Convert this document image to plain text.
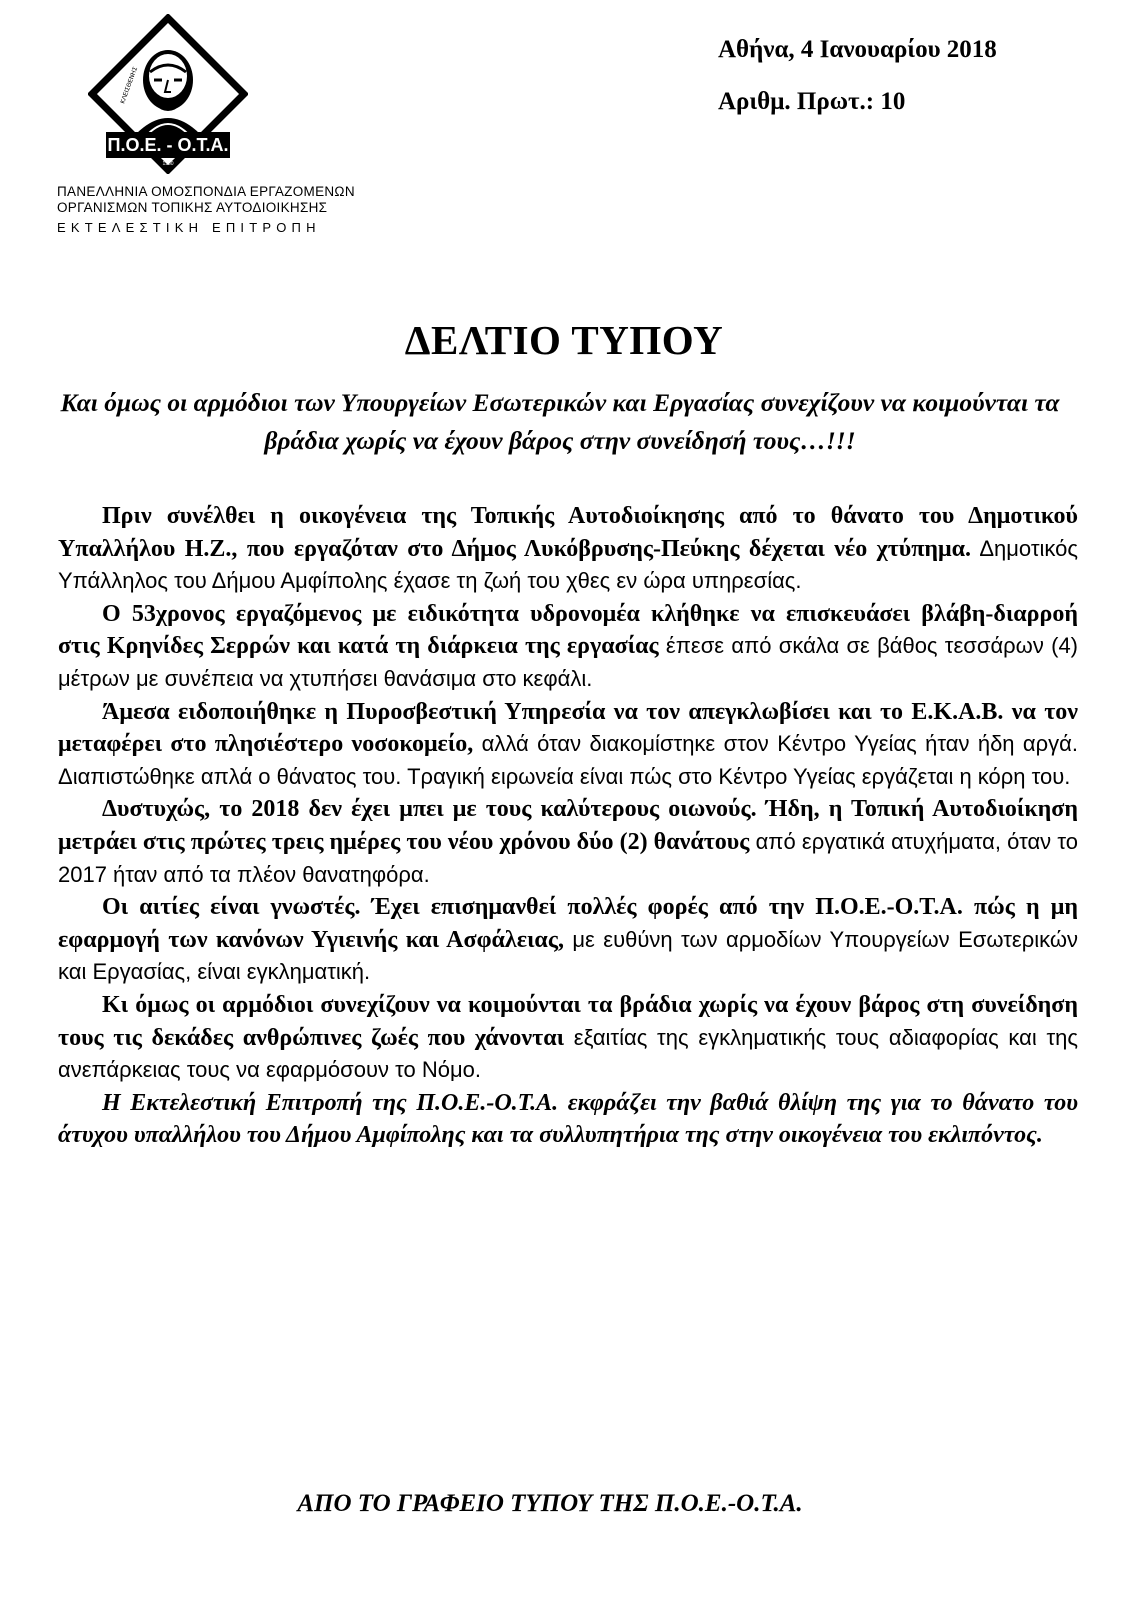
ΚΛΕΙΣΘΕΝΗΣ
Π.Ο.Ε. - Ο.Τ.Α.
1950
ΠΑΝΕΛΛΗΝΙΑ ΟΜΟΣΠΟΝΔΙΑ ΕΡΓΑΖΟΜΕΝΩΝ
ΟΡΓΑΝΙΣΜΩΝ ΤΟΠΙΚΗΣ ΑΥΤΟΔΙΟΙΚΗΣΗΣ
ΕΚΤΕΛΕΣΤΙΚΗ ΕΠΙΤΡΟΠΗ
Αθήνα, 4 Ιανουαρίου 2018
Αριθμ. Πρωτ.: 10
ΔΕΛΤΙΟ ΤΥΠΟΥ
Και όμως οι αρμόδιοι των Υπουργείων Εσωτερικών και Εργασίας συνεχίζουν να κοιμούνται τα βράδια χωρίς να έχουν βάρος στην συνείδησή τους…!!!

Πριν συνέλθει η οικογένεια της Τοπικής Αυτοδιοίκησης από το θάνατο του Δημοτικού Υπαλλήλου Η.Ζ., που εργαζόταν στο Δήμος Λυκόβρυσης-Πεύκης δέχεται νέο χτύπημα. Δημοτικός Υπάλληλος του Δήμου Αμφίπολης έχασε τη ζωή του χθες εν ώρα υπηρεσίας.

Ο 53χρονος εργαζόμενος με ειδικότητα υδρονομέα κλήθηκε να επισκευάσει βλάβη-διαρροή στις Κρηνίδες Σερρών και κατά τη διάρκεια της εργασίας έπεσε από σκάλα σε βάθος τεσσάρων (4) μέτρων με συνέπεια να χτυπήσει θανάσιμα στο κεφάλι.

Άμεσα ειδοποιήθηκε η Πυροσβεστική Υπηρεσία να τον απεγκλωβίσει και το Ε.Κ.Α.Β. να τον μεταφέρει στο πλησιέστερο νοσοκομείο, αλλά όταν διακομίστηκε στον Κέντρο Υγείας ήταν ήδη αργά. Διαπιστώθηκε απλά ο θάνατος του. Τραγική ειρωνεία είναι πώς στο Κέντρο Υγείας εργάζεται η κόρη του.

Δυστυχώς, το 2018 δεν έχει μπει με τους καλύτερους οιωνούς. Ήδη, η Τοπική Αυτοδιοίκηση μετράει στις πρώτες τρεις ημέρες του νέου χρόνου δύο (2) θανάτους από εργατικά ατυχήματα, όταν το 2017 ήταν από τα πλέον θανατηφόρα.

Οι αιτίες είναι γνωστές. Έχει επισημανθεί πολλές φορές από την Π.Ο.Ε.-Ο.Τ.Α. πώς η μη εφαρμογή των κανόνων Υγιεινής και Ασφάλειας, με ευθύνη των αρμοδίων Υπουργείων Εσωτερικών και Εργασίας, είναι εγκληματική.

Κι όμως οι αρμόδιοι συνεχίζουν να κοιμούνται τα βράδια χωρίς να έχουν βάρος στη συνείδηση τους τις δεκάδες ανθρώπινες ζωές που χάνονται εξαιτίας της εγκληματικής τους αδιαφορίας και της ανεπάρκειας τους να εφαρμόσουν το Νόμο.

Η Εκτελεστική Επιτροπή της Π.Ο.Ε.-Ο.Τ.Α. εκφράζει την βαθιά θλίψη της για το θάνατο του άτυχου υπαλλήλου του Δήμου Αμφίπολης και τα συλλυπητήρια της στην οικογένεια του εκλιπόντος.

ΑΠΟ ΤΟ ΓΡΑΦΕΙΟ ΤΥΠΟΥ ΤΗΣ Π.Ο.Ε.-Ο.Τ.Α.
